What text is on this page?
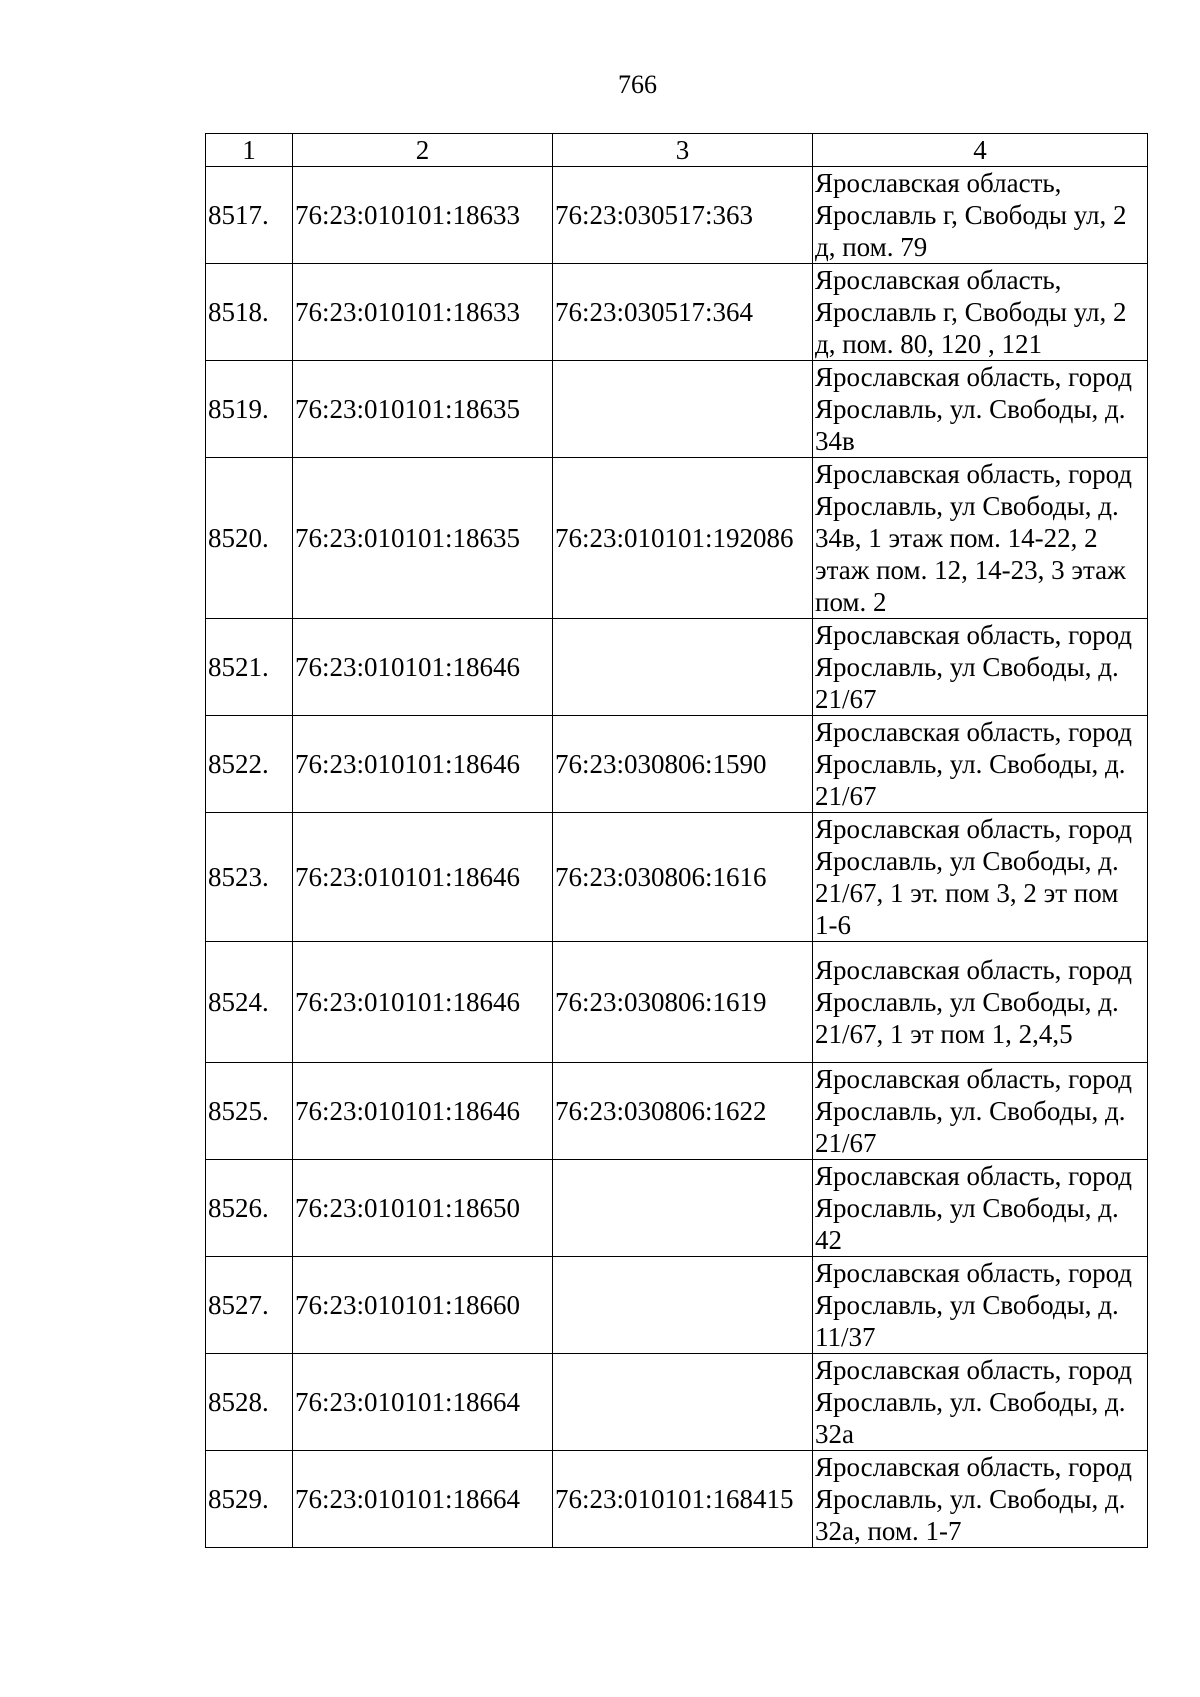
766
1	2	3	4
8517.	76:23:010101:18633	76:23:030517:363	Ярославская область, Ярославль г, Свободы ул, 2 д, пом. 79
8518.	76:23:010101:18633	76:23:030517:364	Ярославская область, Ярославль г, Свободы ул, 2 д, пом. 80, 120 , 121
8519.	76:23:010101:18635		Ярославская область, город Ярославль, ул. Свободы, д. 34в
8520.	76:23:010101:18635	76:23:010101:192086	Ярославская область, город Ярославль, ул Свободы, д. 34в, 1 этаж пом. 14-22, 2 этаж пом. 12, 14-23, 3 этаж пом. 2
8521.	76:23:010101:18646		Ярославская область, город Ярославль, ул Свободы, д. 21/67
8522.	76:23:010101:18646	76:23:030806:1590	Ярославская область, город Ярославль, ул. Свободы, д. 21/67
8523.	76:23:010101:18646	76:23:030806:1616	Ярославская область, город Ярославль, ул Свободы, д. 21/67, 1 эт. пом 3, 2 эт пом 1-6
8524.	76:23:010101:18646	76:23:030806:1619	Ярославская область, город Ярославль, ул Свободы, д. 21/67, 1 эт пом 1, 2,4,5
8525.	76:23:010101:18646	76:23:030806:1622	Ярославская область, город Ярославль, ул. Свободы, д. 21/67
8526.	76:23:010101:18650		Ярославская область, город Ярославль, ул Свободы, д. 42
8527.	76:23:010101:18660		Ярославская область, город Ярославль, ул Свободы, д. 11/37
8528.	76:23:010101:18664		Ярославская область, город Ярославль, ул. Свободы, д. 32а
8529.	76:23:010101:18664	76:23:010101:168415	Ярославская область, город Ярославль, ул. Свободы, д. 32а, пом. 1-7
